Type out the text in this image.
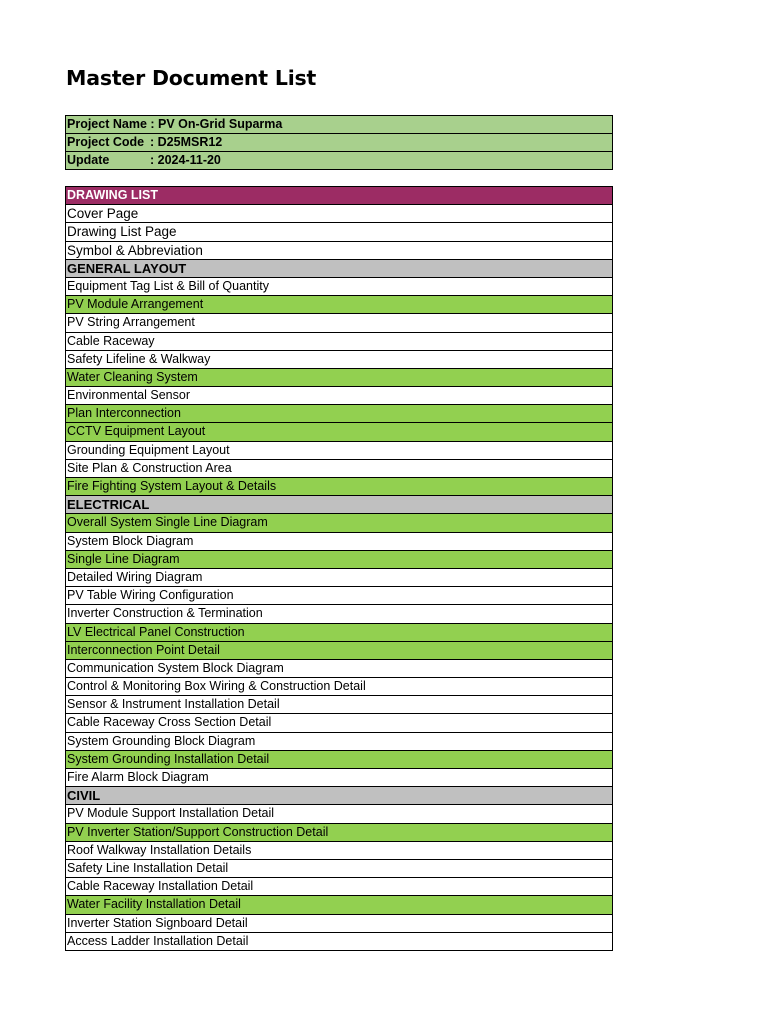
Master Document List
Project Name : PV On-Grid Suparma
Project Code : D25MSR12
Update	: 2024-11-20
DRAWING LIST
Cover Page
Drawing List Page
Symbol & Abbreviation
GENERAL LAYOUT
Equipment Tag List & Bill of Quantity
PV Module Arrangement
PV String Arrangement
Cable Raceway
Safety Lifeline & Walkway
Water Cleaning System
Environmental Sensor
Plan Interconnection
CCTV Equipment Layout
Grounding Equipment Layout
Site Plan & Construction Area
Fire Fighting System Layout & Details
ELECTRICAL
Overall System Single Line Diagram
System Block Diagram
Single Line Diagram
Detailed Wiring Diagram
PV Table Wiring Configuration
Inverter Construction & Termination
LV Electrical Panel Construction
Interconnection Point Detail
Communication System Block Diagram
Control & Monitoring Box Wiring & Construction Detail
Sensor & Instrument Installation Detail
Cable Raceway Cross Section Detail
System Grounding Block Diagram
System Grounding Installation Detail
Fire Alarm Block Diagram
CIVIL
PV Module Support Installation Detail
PV Inverter Station/Support Construction Detail
Roof Walkway Installation Details
Safety Line Installation Detail
Cable Raceway Installation Detail
Water Facility Installation Detail
Inverter Station Signboard Detail
Access Ladder Installation Detail
